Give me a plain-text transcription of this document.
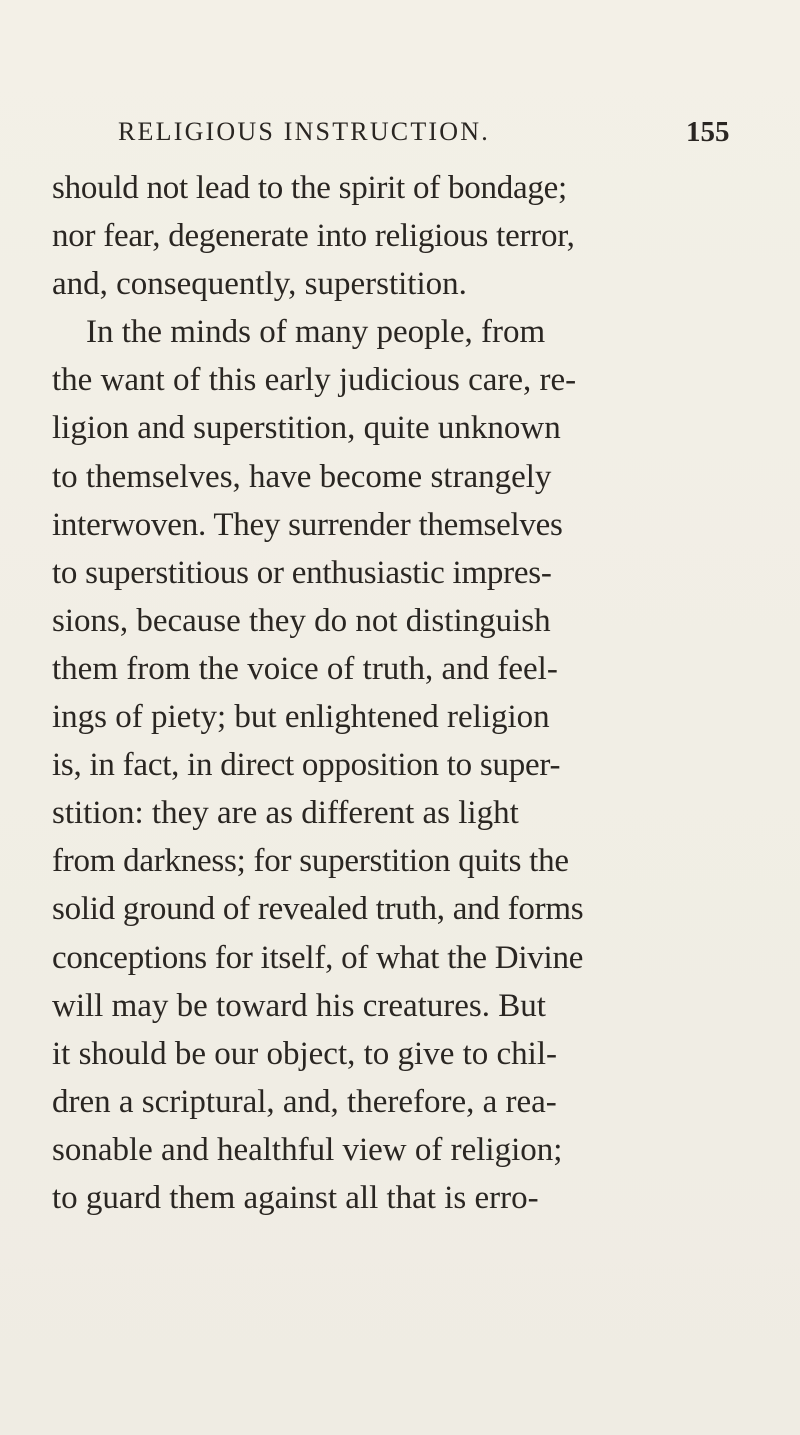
RELIGIOUS INSTRUCTION.	155
should not lead to the spirit of bondage;
nor fear, degenerate into religious terror,
and, consequently, superstition.
In the minds of many people, from
the want of this early judicious care, re-
ligion and superstition, quite unknown
to themselves, have become strangely
interwoven. They surrender themselves
to superstitious or enthusiastic impres-
sions, because they do not distinguish
them from the voice of truth, and feel-
ings of piety; but enlightened religion
is, in fact, in direct opposition to super-
stition: they are as different as light
from darkness; for superstition quits the
solid ground of revealed truth, and forms
conceptions for itself, of what the Divine
will may be toward his creatures. But
it should be our object, to give to chil-
dren a scriptural, and, therefore, a rea-
sonable and healthful view of religion;
to guard them against all that is erro-
